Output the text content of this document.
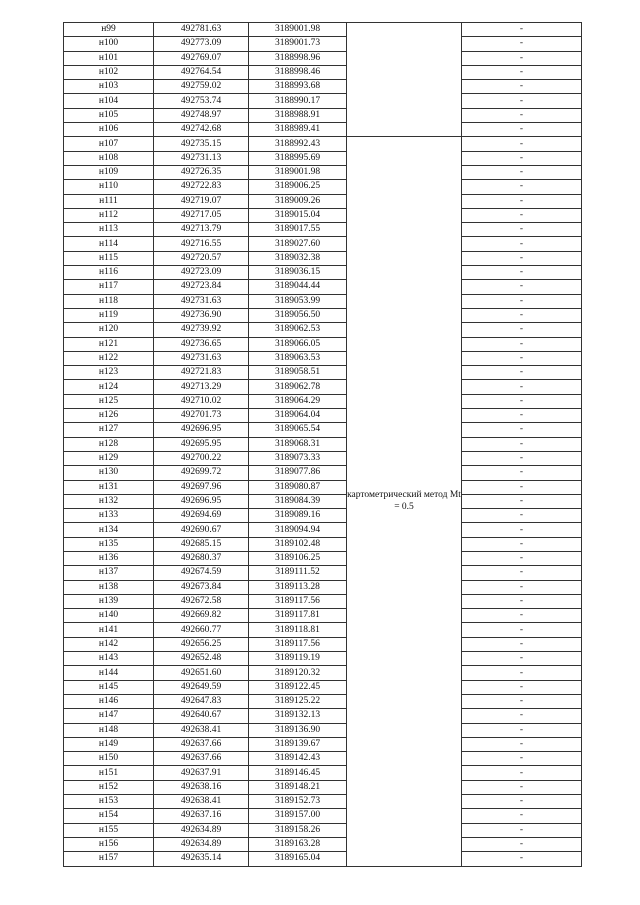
н99	492781.63	3189001.98		-
н100	492773.09	3189001.73		-
н101	492769.07	3188998.96		-
н102	492764.54	3188998.46		-
н103	492759.02	3188993.68		-
н104	492753.74	3188990.17		-
н105	492748.97	3188988.91		-
н106	492742.68	3188989.41		-
н107	492735.15	3188992.43	картометрический метод Mt = 0.5	-
н108	492731.13	3188995.69		-
н109	492726.35	3189001.98		-
н110	492722.83	3189006.25		-
н111	492719.07	3189009.26		-
н112	492717.05	3189015.04		-
н113	492713.79	3189017.55		-
н114	492716.55	3189027.60		-
н115	492720.57	3189032.38		-
н116	492723.09	3189036.15		-
н117	492723.84	3189044.44		-
н118	492731.63	3189053.99		-
н119	492736.90	3189056.50		-
н120	492739.92	3189062.53		-
н121	492736.65	3189066.05		-
н122	492731.63	3189063.53		-
н123	492721.83	3189058.51		-
н124	492713.29	3189062.78		-
н125	492710.02	3189064.29		-
н126	492701.73	3189064.04		-
н127	492696.95	3189065.54		-
н128	492695.95	3189068.31		-
н129	492700.22	3189073.33		-
н130	492699.72	3189077.86		-
н131	492697.96	3189080.87		-
н132	492696.95	3189084.39		-
н133	492694.69	3189089.16		-
н134	492690.67	3189094.94		-
н135	492685.15	3189102.48		-
н136	492680.37	3189106.25		-
н137	492674.59	3189111.52		-
н138	492673.84	3189113.28		-
н139	492672.58	3189117.56		-
н140	492669.82	3189117.81		-
н141	492660.77	3189118.81		-
н142	492656.25	3189117.56		-
н143	492652.48	3189119.19		-
н144	492651.60	3189120.32		-
н145	492649.59	3189122.45		-
н146	492647.83	3189125.22		-
н147	492640.67	3189132.13		-
н148	492638.41	3189136.90		-
н149	492637.66	3189139.67		-
н150	492637.66	3189142.43		-
н151	492637.91	3189146.45		-
н152	492638.16	3189148.21		-
н153	492638.41	3189152.73		-
н154	492637.16	3189157.00		-
н155	492634.89	3189158.26		-
н156	492634.89	3189163.28		-
н157	492635.14	3189165.04		-
